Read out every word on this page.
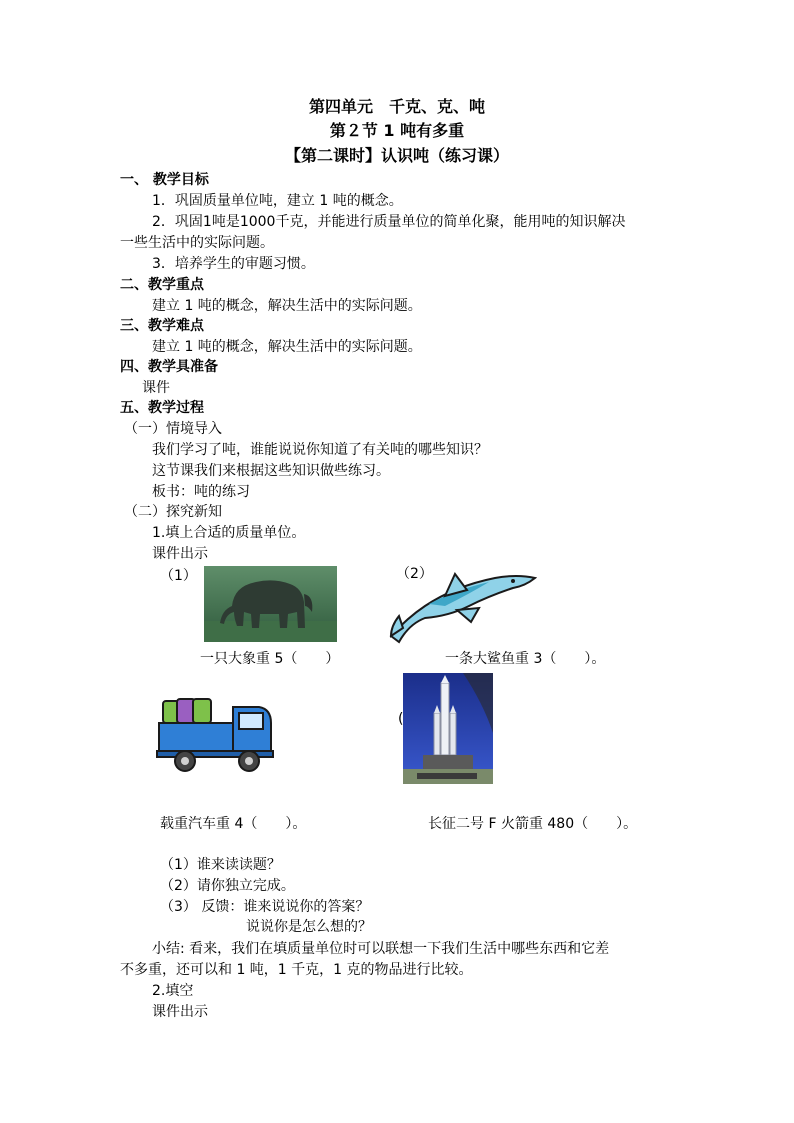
第四单元　千克、克、吨
第２节 1 吨有多重
【第二课时】认识吨（练习课）
一、 教学目标
1．巩固质量单位吨，建立 1 吨的概念。
2．巩固1吨是1000千克，并能进行质量单位的简单化聚，能用吨的知识解决
一些生活中的实际问题。
3．培养学生的审题习惯。
二、教学重点
建立 1 吨的概念，解决生活中的实际问题。
三、教学难点
建立 1 吨的概念，解决生活中的实际问题。
四、教学具准备
课件
五、教学过程
（一）情境导入
我们学习了吨，谁能说说你知道了有关吨的哪些知识？
这节课我们来根据这些知识做些练习。
板书：吨的练习
（二）探究新知
1.填上合适的质量单位。
课件出示
（1）
一只大象重 5（　　）
（2）
一条大鲨鱼重 3（　　）。
载重汽车重 4（　　）。
(
长征二号 F 火箭重 480（　　）。
（1）谁来读读题？
（2）请你独立完成。
（3） 反馈：谁来说说你的答案？
说说你是怎么想的？
小结: 看来，我们在填质量单位时可以联想一下我们生活中哪些东西和它差
不多重，还可以和 1 吨，1 千克，1 克的物品进行比较。
2.填空
课件出示
